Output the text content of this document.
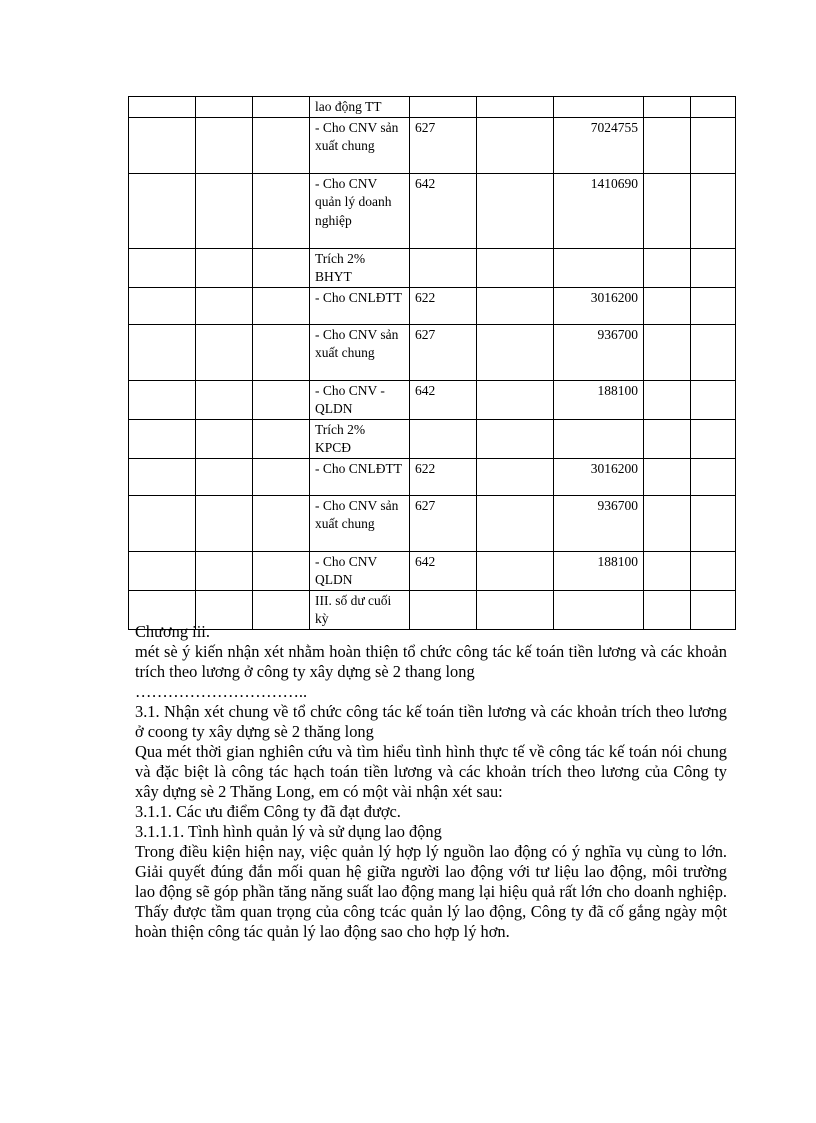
			lao động TT					
			- Cho CNV sản xuất chung	627		7024755		
			- Cho CNV quản lý doanh nghiệp	642		1410690		
			Trích 2% BHYT					
			- Cho CNLĐTT	622		3016200		
			- Cho CNV sản xuất chung	627		936700		
			- Cho CNV - QLDN	642		188100		
			Trích 2% KPCĐ					
			- Cho CNLĐTT	622		3016200		
			- Cho CNV sản xuất chung	627		936700		
			- Cho CNV QLDN	642		188100		
			III. số dư cuối kỳ					

Chương iii.

mét sè ý kiến nhận xét nhằm hoàn thiện tổ chức công tác kế toán tiền lương và các khoản trích theo lương ở công ty xây dựng sè 2 thang long

…………………………..

3.1. Nhận xét chung về tổ chức công tác kế toán tiền lương và các khoản trích theo lương ở coong ty xây dựng sè 2 thăng long

Qua mét thời gian nghiên cứu và tìm hiểu tình hình thực tế về công tác kế toán nói chung và đặc biệt là công tác hạch toán tiền lương và các khoản trích theo lương của Công ty xây dựng sè 2 Thăng Long, em có một vài nhận xét sau:

3.1.1. Các ưu điểm Công ty đã đạt được.

3.1.1.1. Tình hình quản lý và sử dụng lao động

Trong điều kiện hiện nay, việc quản lý hợp lý nguồn lao động có ý nghĩa vụ cùng to lớn. Giải quyết đúng đắn mối quan hệ giữa người lao động với tư liệu lao động, môi trường lao động sẽ góp phần tăng năng suất lao động mang lại hiệu quả rất lớn cho doanh nghiệp. Thấy được tầm quan trọng của công tcác quản lý lao động, Công ty đã cố gắng ngày một hoàn thiện công tác quản lý lao động sao cho hợp lý hơn.
